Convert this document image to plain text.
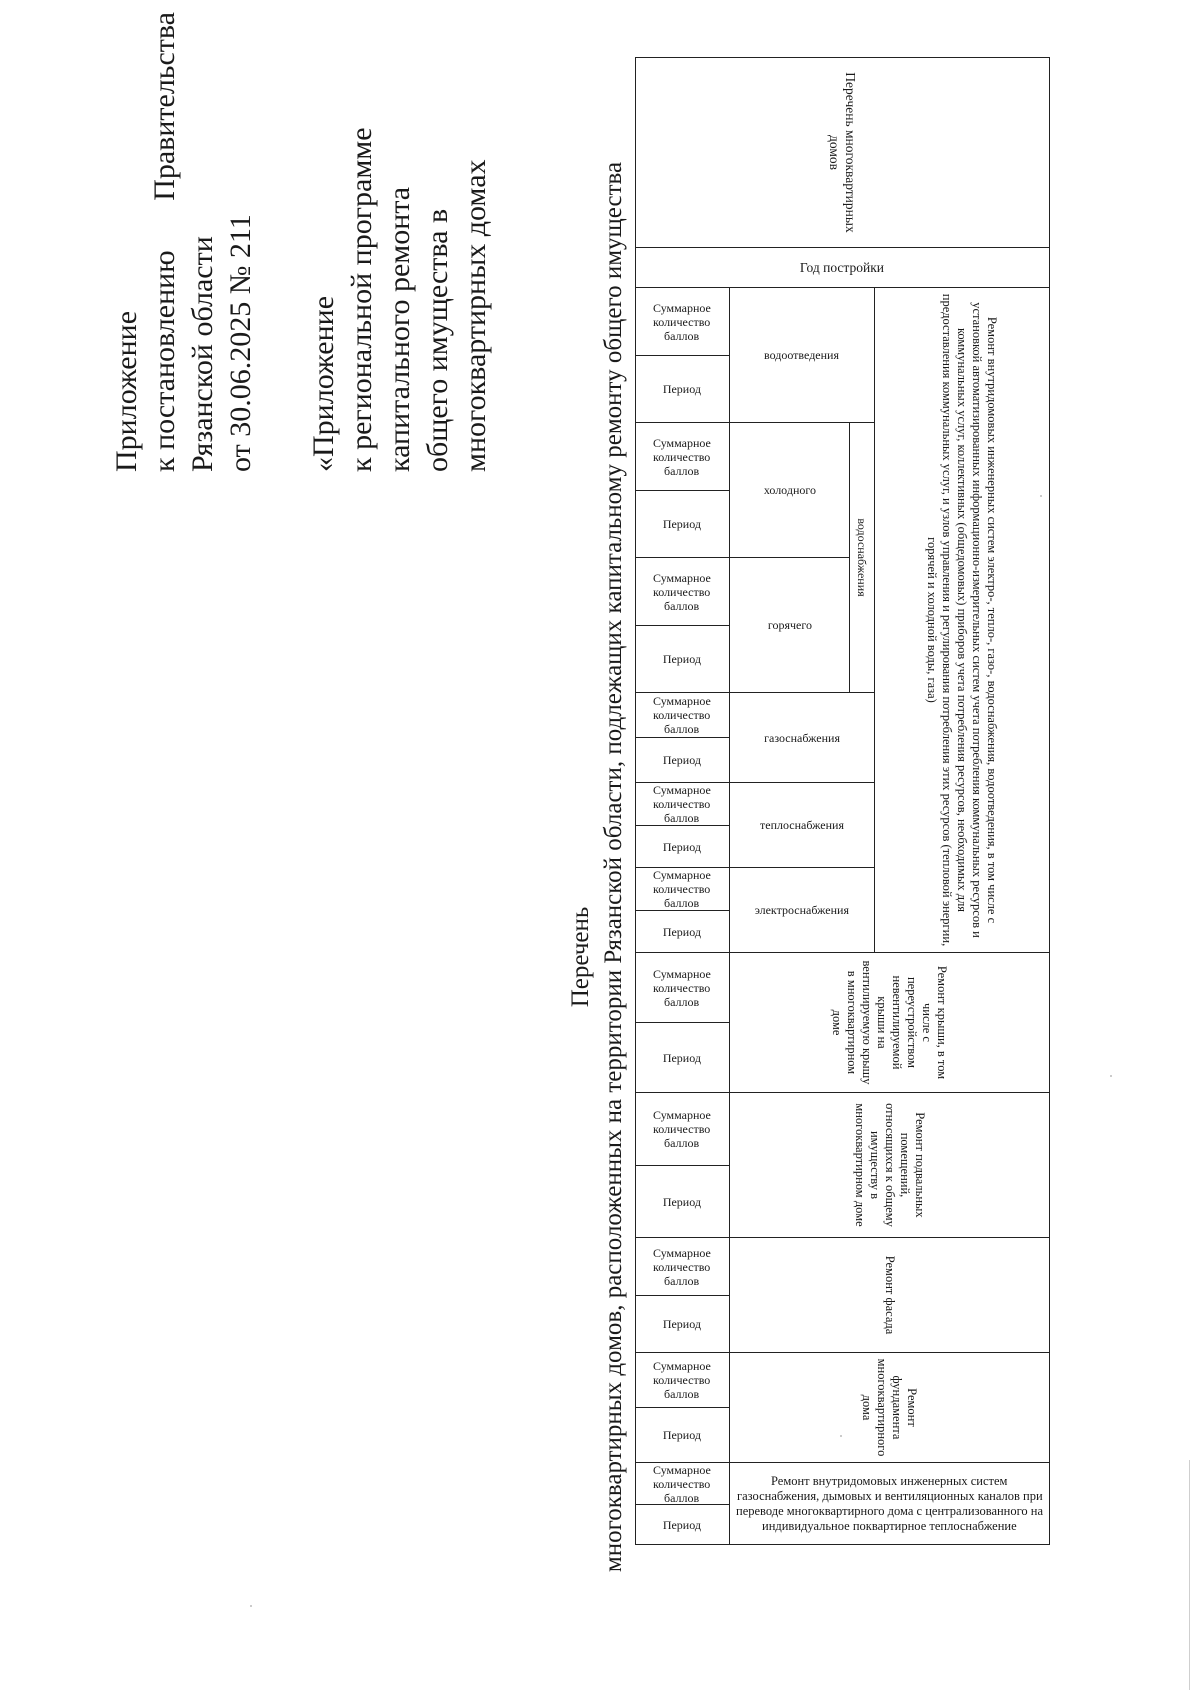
Приложение к постановлению
Правительства
Рязанской области от 30.06.2025 № 211 «Приложение к региональной программе капитального ремонта общего имущества в многоквартирных домах
Перечень многоквартирных домов, расположенных на территории Рязанской области, подлежащих капитальному ремонту общего имущества
Перечень многоквартирных домов
Год постройки
Ремонт внутридомовых инженерных систем электро-, тепло-, газо-, водоснабжения, водоотведения, в том числе с установкой автоматизированных информационно-измерительных систем учета потребления коммунальных ресурсов и коммунальных услуг, коллективных (общедомовых) приборов учета потребления ресурсов, необходимых для предоставления коммунальных услуг, и узлов управления и регулирования потребления этих ресурсов (тепловой энергии, горячей и холодной воды, газа)
водоотведения
водоснабжения
холодного
горячего
газоснабжения
теплоснабжения
электроснабжения
Ремонт крыши, в том числе с переустройством невентилируемой крыши на вентилируемую крышу в многоквартирном доме
Ремонт подвальных помещений, относящихся к общему имуществу в многоквартирном доме
Ремонт фасада
Ремонт фундамента многоквартирного дома
Ремонт внутридомовых инженерных систем газоснабжения, дымовых и вентиляционных каналов при переводе многоквартирного дома с централизованного на индивидуальное поквартирное теплоснабжение
Суммарное количество баллов
Период
Суммарное количество баллов
Период
Суммарное количество баллов
Период
Суммарное количество баллов
Период
Суммарное количество баллов
Период
Суммарное количество баллов
Период
Суммарное количество баллов
Период
Суммарное количество баллов
Период
Суммарное количество баллов
Период
Суммарное количество баллов
Период
Суммарное количество баллов
Период
